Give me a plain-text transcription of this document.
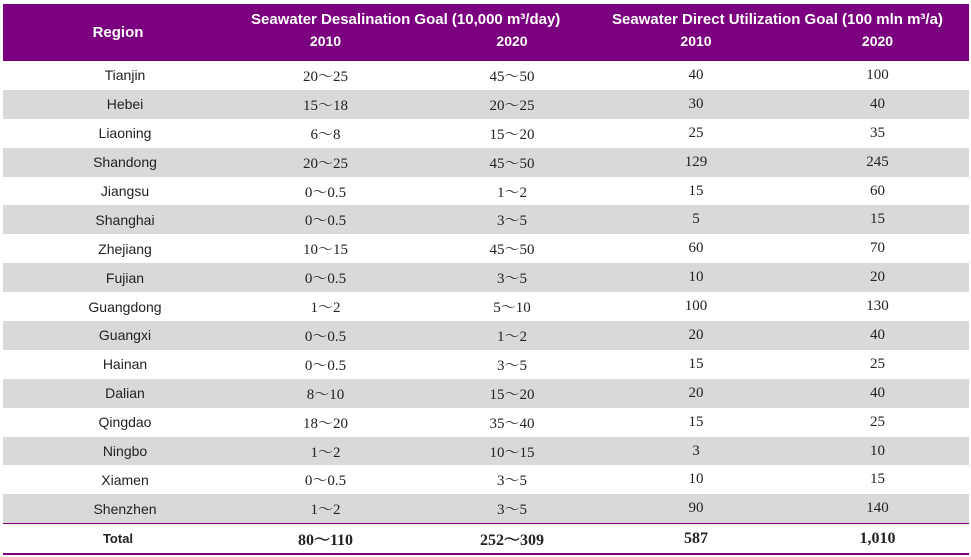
Region	Seawater Desalination Goal (10,000 m³/day)		Seawater Direct Utilization Goal (100 mln m³/a)	

	2010	2020	2010	2020
Tianjin	20～25	45～50	40	100
Hebei	15～18	20～25	30	40
Liaoning	6～8	15～20	25	35
Shandong	20～25	45～50	129	245
Jiangsu	0～0.5	1～2	15	60
Shanghai	0～0.5	3～5	5	15
Zhejiang	10～15	45～50	60	70
Fujian	0～0.5	3～5	10	20
Guangdong	1～2	5～10	100	130
Guangxi	0～0.5	1～2	20	40
Hainan	0～0.5	3～5	15	25
Dalian	8～10	15～20	20	40
Qingdao	18～20	35～40	15	25
Ningbo	1～2	10～15	3	10
Xiamen	0～0.5	3～5	10	15
Shenzhen	1～2	3～5	90	140
Total	80～110	252～309	587	1,010
